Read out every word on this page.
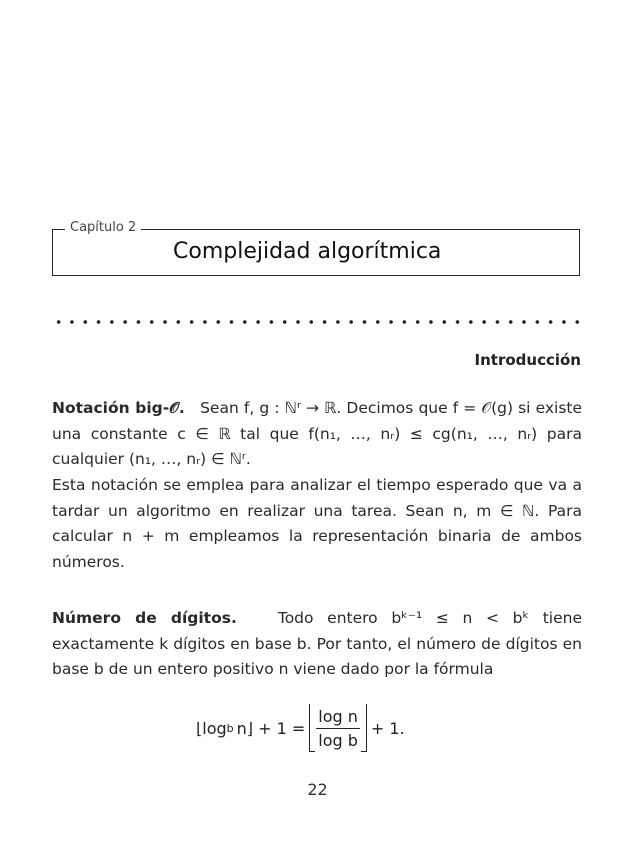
Capítulo 2
Complejidad algorítmica
Introducción
Notación big-𝒪. Sean f, g : ℕʳ → ℝ. Decimos que f = 𝒪(g) si existe una constante c ∈ ℝ tal que f(n₁, …, nᵣ) ≤ cg(n₁, …, nᵣ) para cualquier (n₁, …, nᵣ) ∈ ℕʳ.
Esta notación se emplea para analizar el tiempo esperado que va a tardar un algoritmo en realizar una tarea. Sean n, m ∈ ℕ. Para calcular n + m empleamos la representación binaria de ambos números.
Número de dígitos.	Todo entero bᵏ⁻¹ ≤ n < bᵏ tiene exactamente k dígitos en base b. Por tanto, el número de dígitos en base b de un entero positivo n viene dado por la fórmula
⌊log b n⌋ + $1 = \frac{\text{log n}}{\text{log b}} + 1$.
22
